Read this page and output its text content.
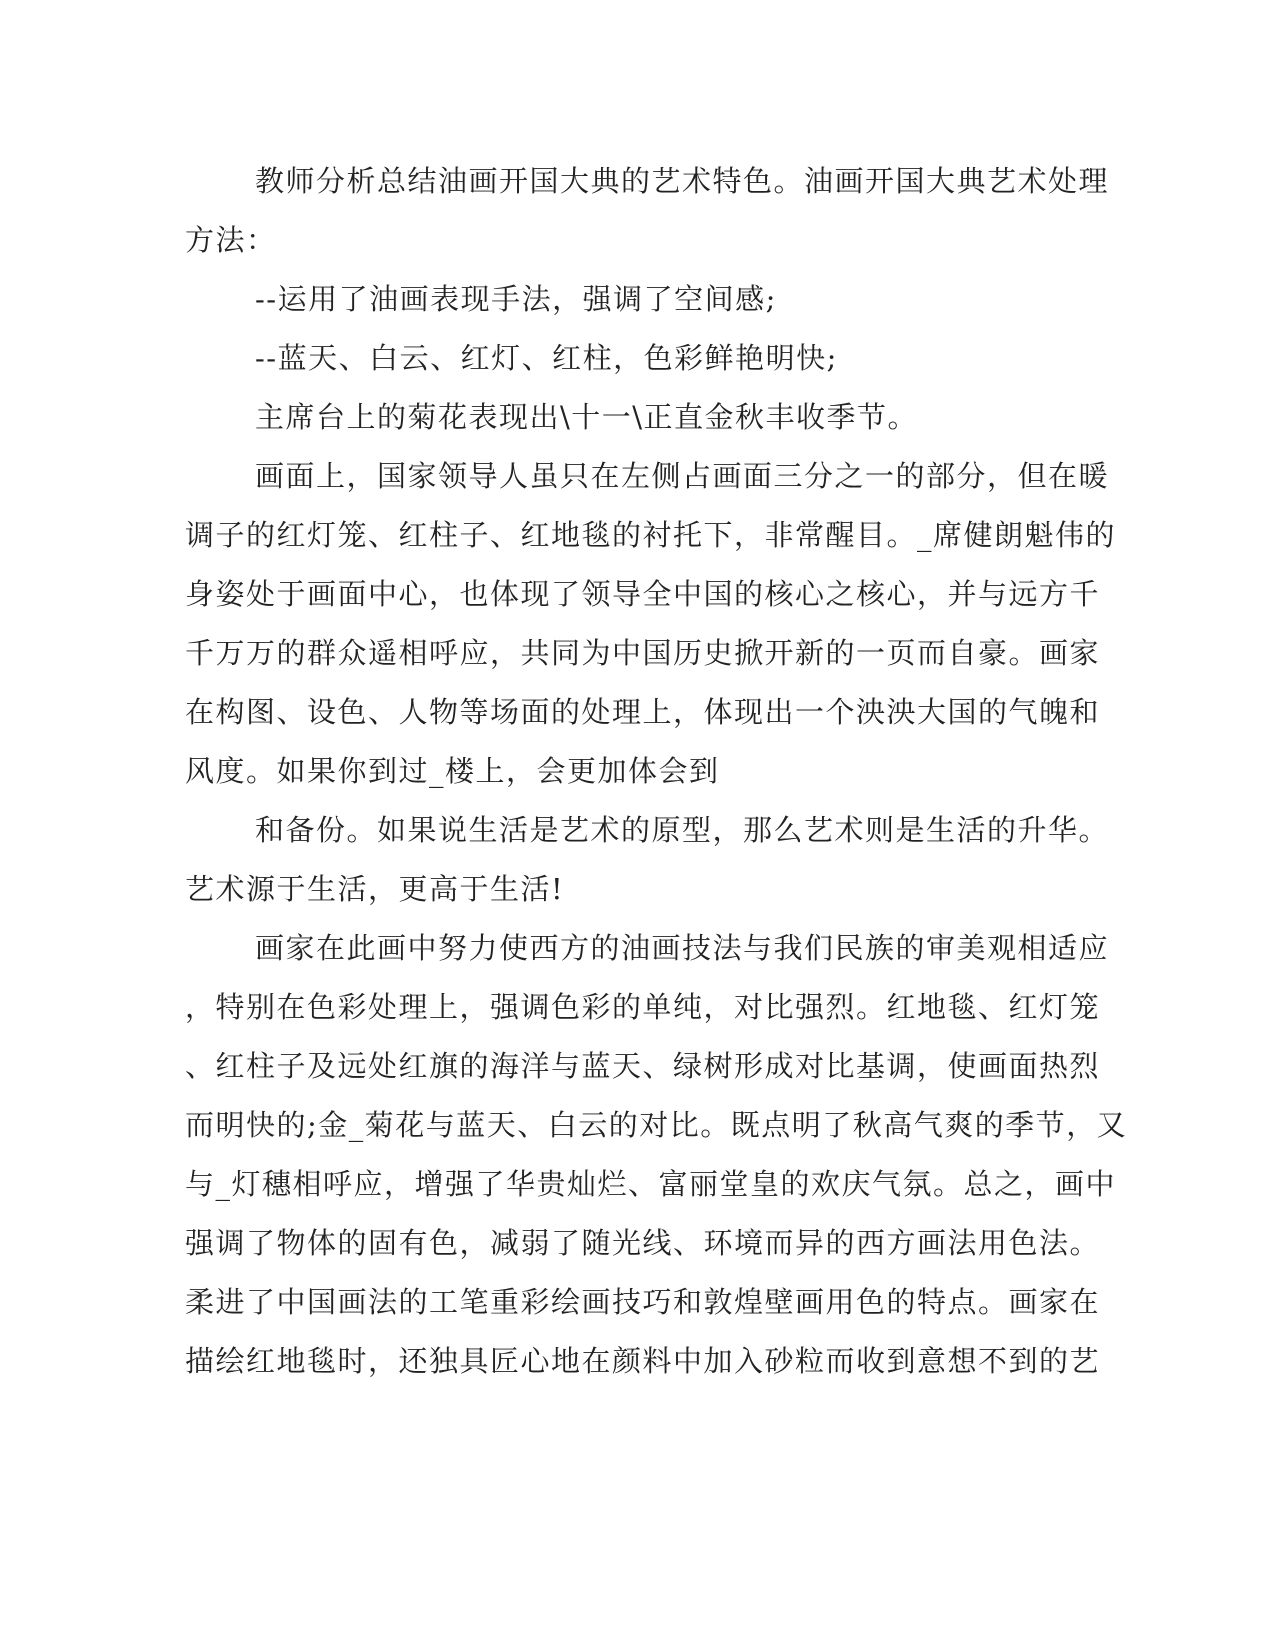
教师分析总结油画开国大典的艺术特色。油画开国大典艺术处理
方法：
--运用了油画表现手法，强调了空间感;
--蓝天、白云、红灯、红柱，色彩鲜艳明快;
主席台上的菊花表现出\十一\正直金秋丰收季节。
画面上，国家领导人虽只在左侧占画面三分之一的部分，但在暖
调子的红灯笼、红柱子、红地毯的衬托下，非常醒目。_席健朗魁伟的
身姿处于画面中心，也体现了领导全中国的核心之核心，并与远方千
千万万的群众遥相呼应，共同为中国历史掀开新的一页而自豪。画家
在构图、设色、人物等场面的处理上，体现出一个泱泱大国的气魄和
风度。如果你到过_楼上，会更加体会到
和备份。如果说生活是艺术的原型，那么艺术则是生活的升华。
艺术源于生活，更高于生活!
画家在此画中努力使西方的油画技法与我们民族的审美观相适应
，特别在色彩处理上，强调色彩的单纯，对比强烈。红地毯、红灯笼
、红柱子及远处红旗的海洋与蓝天、绿树形成对比基调，使画面热烈
而明快的;金_菊花与蓝天、白云的对比。既点明了秋高气爽的季节，又
与_灯穗相呼应，增强了华贵灿烂、富丽堂皇的欢庆气氛。总之，画中
强调了物体的固有色，减弱了随光线、环境而异的西方画法用色法。
柔进了中国画法的工笔重彩绘画技巧和敦煌壁画用色的特点。画家在
描绘红地毯时，还独具匠心地在颜料中加入砂粒而收到意想不到的艺
